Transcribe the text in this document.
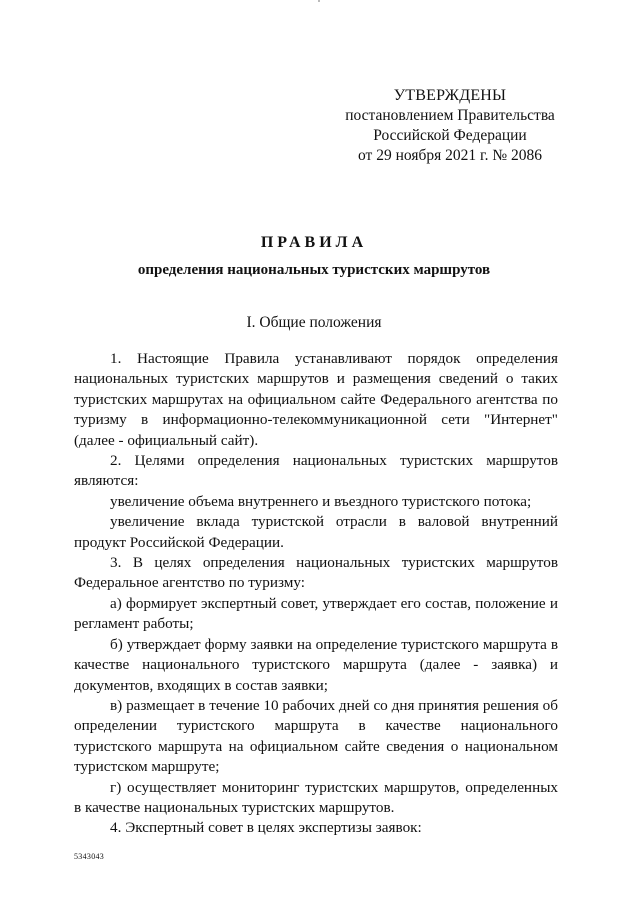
УТВЕРЖДЕНЫ
постановлением Правительства
Российской Федерации
от 29 ноября 2021 г. № 2086
ПРАВИЛА
определения национальных туристских маршрутов
I. Общие положения

1. Настоящие Правила устанавливают порядок определения национальных туристских маршрутов и размещения сведений о таких туристских маршрутах на официальном сайте Федерального агентства по туризму в информационно-телекоммуникационной сети "Интернет" (далее - официальный сайт).

2. Целями определения национальных туристских маршрутов являются:

увеличение объема внутреннего и въездного туристского потока;

увеличение вклада туристской отрасли в валовой внутренний продукт Российской Федерации.

3. В целях определения национальных туристских маршрутов Федеральное агентство по туризму:

а) формирует экспертный совет, утверждает его состав, положение и регламент работы;

б) утверждает форму заявки на определение туристского маршрута в качестве национального туристского маршрута (далее - заявка) и документов, входящих в состав заявки;

в) размещает в течение 10 рабочих дней со дня принятия решения об определении туристского маршрута в качестве национального туристского маршрута на официальном сайте сведения о национальном туристском маршруте;

г) осуществляет мониторинг туристских маршрутов, определенных в качестве национальных туристских маршрутов.

4. Экспертный совет в целях экспертизы заявок:

5343043
